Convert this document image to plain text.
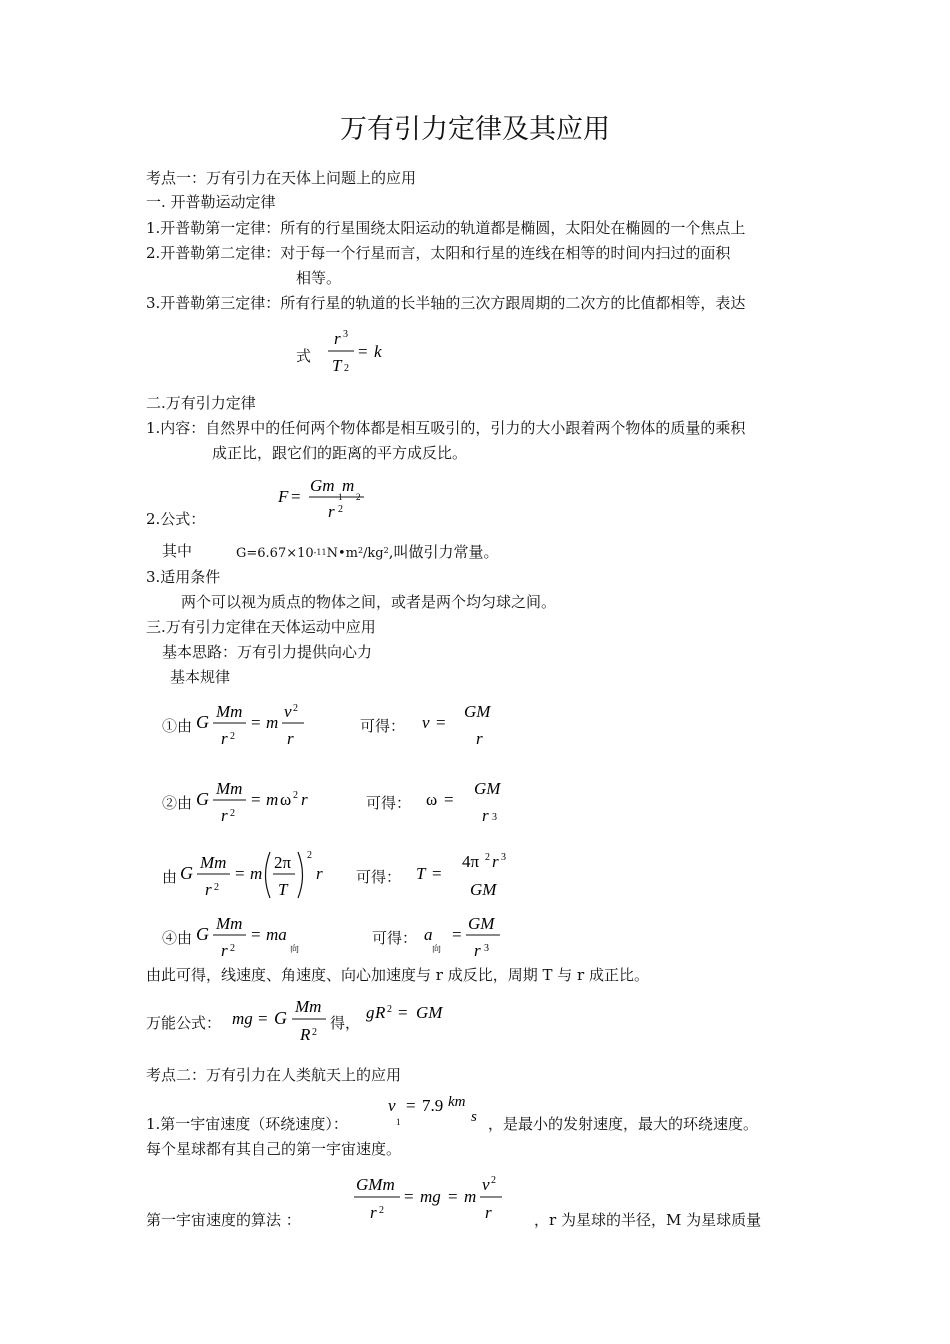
万有引力定律及其应用
考点一：万有引力在天体上问题上的应用
一. 开普勒运动定律
1.开普勒第一定律：所有的行星围绕太阳运动的轨道都是椭圆，太阳处在椭圆的一个焦点上
2.开普勒第二定律：对于每一个行星而言，太阳和行星的连线在相等的时间内扫过的面积
相等。
3.开普勒第三定律：所有行星的轨道的长半轴的三次方跟周期的二次方的比值都相等，表达
式
r 3
T 2
= k
二.万有引力定律
1.内容：自然界中的任何两个物体都是相互吸引的，引力的大小跟着两个物体的质量的乘积
成正比，跟它们的距离的平方成反比。
F =
Gm m
1 2
r 2
2.公式：
其中	$G=6.67\times 10-11N•m^2/kg^2$,叫做引力常量。
3.适用条件
两个可以视为质点的物体之间，或者是两个均匀球之间。
三.万有引力定律在天体运动中应用
基本思路：万有引力提供向心力
基本规律
①由 G
Mm
r 2
= m
v 2
r
可得： v =
GM
r
②由 G
Mm
r 2
= m ω 2 r	可得： ω =
GM
r 3
由 G
Mm
r 2
= m
2π
T
2
r 可得： T =
4π 2 r 3
GM
④由 G
Mm
r 2
= ma
向
可得： a
向
=
GM
r 3
由此可得，线速度、角速度、向心加速度与 r 成反比，周期 T 与 r 成正比。
万能公式： mg = G
Mm
R 2
得，
g R 2 = GM
考点二：万有引力在人类航天上的应用
1.第一宇宙速度（环绕速度）：
v
1
= 7.9 km
s ，是最小的发射速度，最大的环绕速度。
每个星球都有其自己的第一宇宙速度。
第一宇宙速度的算法 ：
GMm
r 2
= mg = m
v 2
r	，r 为星球的半径，M 为星球质量
